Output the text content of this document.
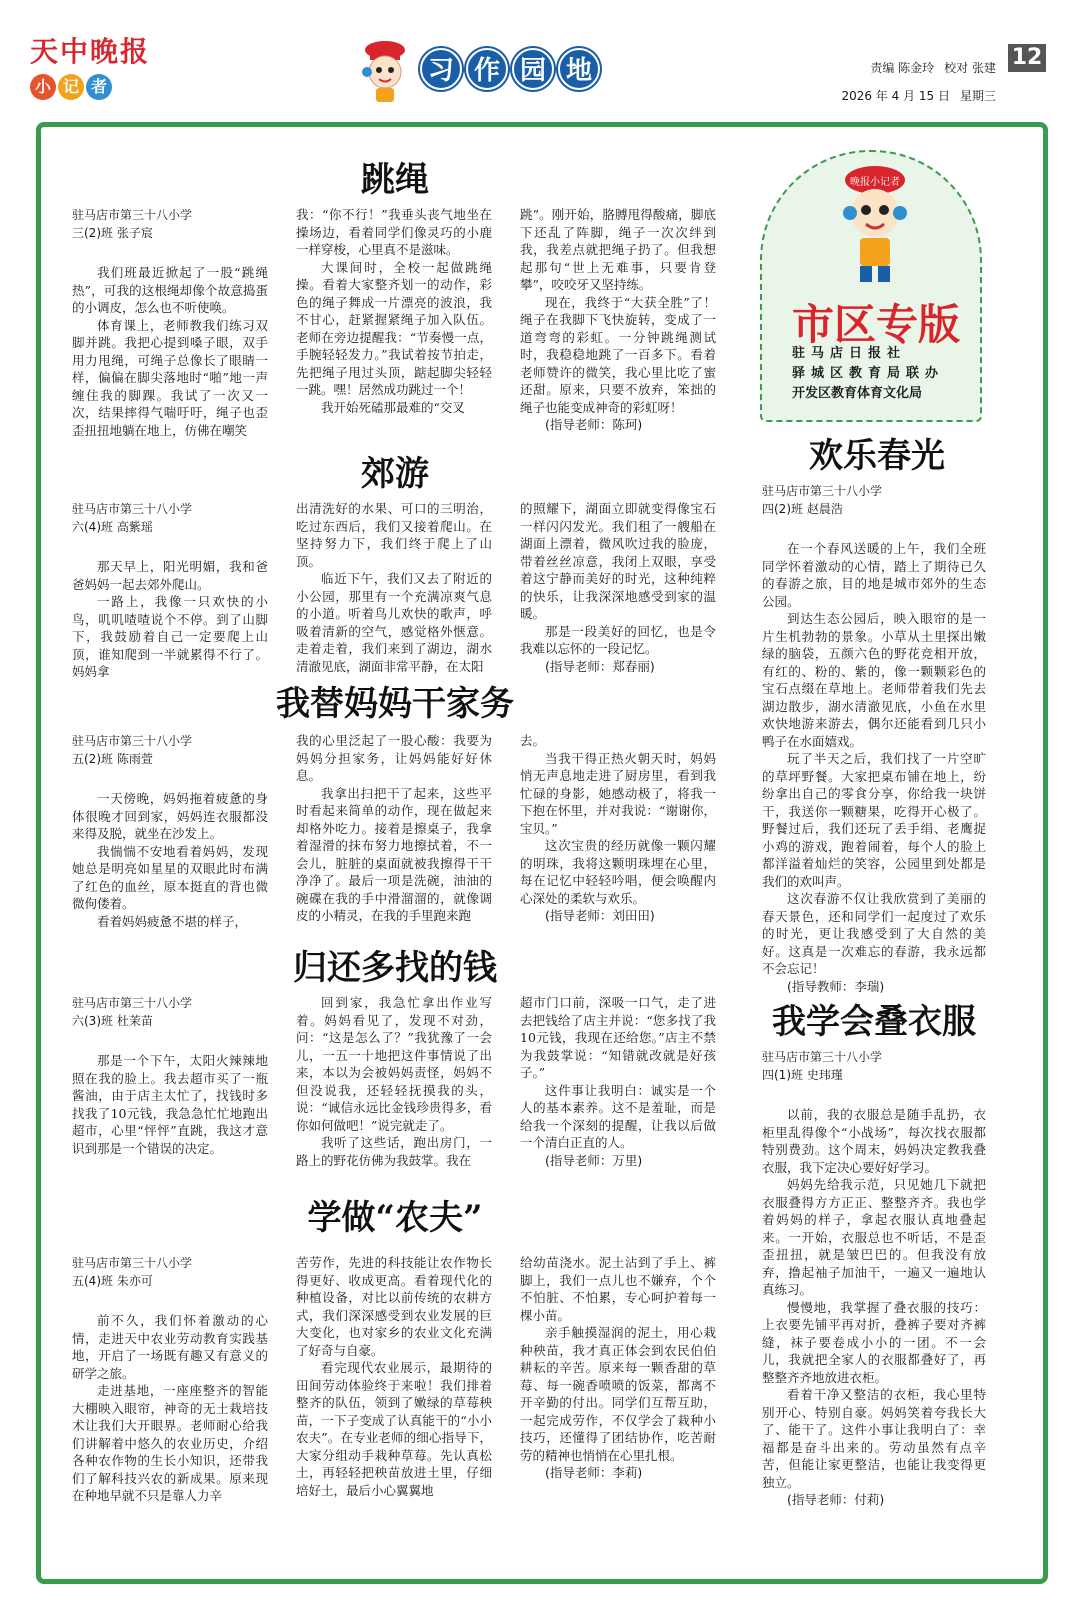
天中晚报
小 记 者
习 作 园 地	12
责编 陈金玲 校对 张建
2026 年 4 月 15 日 星期三
晚报小记者
市区专版
驻马店日报社
驿城区教育局联办
开发区教育体育文化局
跳绳
驻马店市第三十八小学
三(2)班 张子宸

我们班最近掀起了一股“跳绳热”，可我的这根绳却像个故意捣蛋的小调皮，怎么也不听使唤。

体育课上，老师教我们练习双脚并跳。我把心提到嗓子眼，双手用力甩绳，可绳子总像长了眼睛一样，偏偏在脚尖落地时“啪”地一声缠住我的脚踝。我试了一次又一次，结果摔得气喘吁吁，绳子也歪歪扭扭地躺在地上，仿佛在嘲笑

我：“你不行！”我垂头丧气地坐在操场边，看着同学们像灵巧的小鹿一样穿梭，心里真不是滋味。

大课间时，全校一起做跳绳操。看着大家整齐划一的动作，彩色的绳子舞成一片漂亮的波浪，我不甘心，赶紧握紧绳子加入队伍。老师在旁边提醒我：“节奏慢一点，手腕轻轻发力。”我试着按节拍走，先把绳子甩过头顶，踮起脚尖轻轻一跳。嘿！居然成功跳过一个！

我开始死磕那最难的“交叉

跳”。刚开始，胳膊甩得酸痛，脚底下还乱了阵脚，绳子一次次绊到我，我差点就把绳子扔了。但我想起那句“世上无难事，只要肯登攀”，咬咬牙又坚持练。

现在，我终于“大获全胜”了！绳子在我脚下飞快旋转，变成了一道弯弯的彩虹。一分钟跳绳测试时，我稳稳地跳了一百多下。看着老师赞许的微笑，我心里比吃了蜜还甜。原来，只要不放弃，笨拙的绳子也能变成神奇的彩虹呀！

(指导老师：陈珂)

郊游
驻马店市第三十八小学
六(4)班 高紫瑶

那天早上，阳光明媚，我和爸爸妈妈一起去郊外爬山。

一路上，我像一只欢快的小鸟，叽叽喳喳说个不停。到了山脚下，我鼓励着自己一定要爬上山顶，谁知爬到一半就累得不行了。妈妈拿

出清洗好的水果、可口的三明治，吃过东西后，我们又接着爬山。在坚持努力下，我们终于爬上了山顶。

临近下午，我们又去了附近的小公园，那里有一个充满凉爽气息的小道。听着鸟儿欢快的歌声，呼吸着清新的空气，感觉格外惬意。走着走着，我们来到了湖边，湖水清澈见底，湖面非常平静，在太阳

的照耀下，湖面立即就变得像宝石一样闪闪发光。我们租了一艘船在湖面上漂着，微风吹过我的脸庞，带着丝丝凉意，我闭上双眼，享受着这宁静而美好的时光，这种纯粹的快乐，让我深深地感受到家的温暖。

那是一段美好的回忆，也是令我难以忘怀的一段记忆。

(指导老师：郑春丽)

我替妈妈干家务
驻马店市第三十八小学
五(2)班 陈雨萱

一天傍晚，妈妈拖着疲惫的身体很晚才回到家，妈妈连衣服都没来得及脱，就坐在沙发上。

我惴惴不安地看着妈妈，发现她总是明亮如星星的双眼此时布满了红色的血丝，原本挺直的背也微微佝偻着。

看着妈妈疲惫不堪的样子，

我的心里泛起了一股心酸：我要为妈妈分担家务，让妈妈能好好休息。

我拿出扫把干了起来，这些平时看起来简单的动作，现在做起来却格外吃力。接着是擦桌子，我拿着湿滑的抹布努力地擦拭着，不一会儿，脏脏的桌面就被我擦得干干净净了。最后一项是洗碗，油油的碗碟在我的手中滑溜溜的，就像调皮的小精灵，在我的手里跑来跑

去。

当我干得正热火朝天时，妈妈悄无声息地走进了厨房里，看到我忙碌的身影，她感动极了，将我一下抱在怀里，并对我说：“谢谢你，宝贝。”

这次宝贵的经历就像一颗闪耀的明珠，我将这颗明珠埋在心里，每在记忆中轻轻吟唱，便会唤醒内心深处的柔软与欢乐。

(指导老师：刘田田)

归还多找的钱
驻马店市第三十八小学
六(3)班 杜茉苗

那是一个下午，太阳火辣辣地照在我的脸上。我去超市买了一瓶酱油，由于店主太忙了，找钱时多找我了10元钱，我急急忙忙地跑出超市，心里“怦怦”直跳，我这才意识到那是一个错误的决定。

回到家，我急忙拿出作业写着。妈妈看见了，发现不对劲，问：“这是怎么了？”我犹豫了一会儿，一五一十地把这件事情说了出来，本以为会被妈妈责怪，妈妈不但没说我，还轻轻抚摸我的头，说：“诚信永远比金钱珍贵得多，看你如何做吧！”说完就走了。

我听了这些话，跑出房门，一路上的野花仿佛为我鼓掌。我在

超市门口前，深吸一口气，走了进去把钱给了店主并说：“您多找了我10元钱，我现在还给您。”店主不禁为我鼓掌说：“知错就改就是好孩子。”

这件事让我明白：诚实是一个人的基本素养。这不是羞耻，而是给我一个深刻的提醒，让我以后做一个清白正直的人。

(指导老师：万里)

学做“农夫”
驻马店市第三十八小学
五(4)班 朱亦可

前不久，我们怀着激动的心情，走进天中农业劳动教育实践基地，开启了一场既有趣又有意义的研学之旅。

走进基地，一座座整齐的智能大棚映入眼帘，神奇的无土栽培技术让我们大开眼界。老师耐心给我们讲解着中悠久的农业历史，介绍各种农作物的生长小知识，还带我们了解科技兴农的新成果。原来现在种地早就不只是靠人力辛

苦劳作，先进的科技能让农作物长得更好、收成更高。看着现代化的种植设备，对比以前传统的农耕方式，我们深深感受到农业发展的巨大变化，也对家乡的农业文化充满了好奇与自豪。

看完现代农业展示，最期待的田间劳动体验终于来啦！我们排着整齐的队伍，领到了嫩绿的草莓秧苗，一下子变成了认真能干的“小小农夫”。在专业老师的细心指导下，大家分组动手栽种草莓。先认真松土，再轻轻把秧苗放进土里，仔细培好土，最后小心翼翼地

给幼苗浇水。泥土沾到了手上、裤脚上，我们一点儿也不嫌弃，个个不怕脏、不怕累，专心呵护着每一棵小苗。

亲手触摸湿润的泥土，用心栽种秧苗，我才真正体会到农民伯伯耕耘的辛苦。原来每一颗香甜的草莓、每一碗香喷喷的饭菜，都离不开辛勤的付出。同学们互帮互助，一起完成劳作，不仅学会了栽种小技巧，还懂得了团结协作，吃苦耐劳的精神也悄悄在心里扎根。

(指导老师：李莉)

欢乐春光
驻马店市第三十八小学
四(2)班 赵晨浩

在一个春风送暖的上午，我们全班同学怀着激动的心情，踏上了期待已久的春游之旅，目的地是城市郊外的生态公园。

到达生态公园后，映入眼帘的是一片生机勃勃的景象。小草从土里探出嫩绿的脑袋，五颜六色的野花竞相开放，有红的、粉的、紫的，像一颗颗彩色的宝石点缀在草地上。老师带着我们先去湖边散步，湖水清澈见底，小鱼在水里欢快地游来游去，偶尔还能看到几只小鸭子在水面嬉戏。

玩了半天之后，我们找了一片空旷的草坪野餐。大家把桌布铺在地上，纷纷拿出自己的零食分享，你给我一块饼干，我送你一颗糖果，吃得开心极了。野餐过后，我们还玩了丢手绢、老鹰捉小鸡的游戏，跑着闹着，每个人的脸上都洋溢着灿烂的笑容，公园里到处都是我们的欢叫声。

这次春游不仅让我欣赏到了美丽的春天景色，还和同学们一起度过了欢乐的时光，更让我感受到了大自然的美好。这真是一次难忘的春游，我永远都不会忘记！

(指导教师：李瑞)

我学会叠衣服
驻马店市第三十八小学
四(1)班 史玮瑾

以前，我的衣服总是随手乱扔，衣柜里乱得像个“小战场”，每次找衣服都特别费劲。这个周末，妈妈决定教我叠衣服，我下定决心要好好学习。

妈妈先给我示范，只见她几下就把衣服叠得方方正正、整整齐齐。我也学着妈妈的样子，拿起衣服认真地叠起来。一开始，衣服总也不听话，不是歪歪扭扭，就是皱巴巴的。但我没有放弃，撸起袖子加油干，一遍又一遍地认真练习。

慢慢地，我掌握了叠衣服的技巧：上衣要先铺平再对折，叠裤子要对齐裤缝，袜子要卷成小小的一团。不一会儿，我就把全家人的衣服都叠好了，再整整齐齐地放进衣柜。

看着干净又整洁的衣柜，我心里特别开心、特别自豪。妈妈笑着夸我长大了、能干了。这件小事让我明白了：幸福都是奋斗出来的。劳动虽然有点辛苦，但能让家更整洁，也能让我变得更独立。

(指导老师：付莉)
